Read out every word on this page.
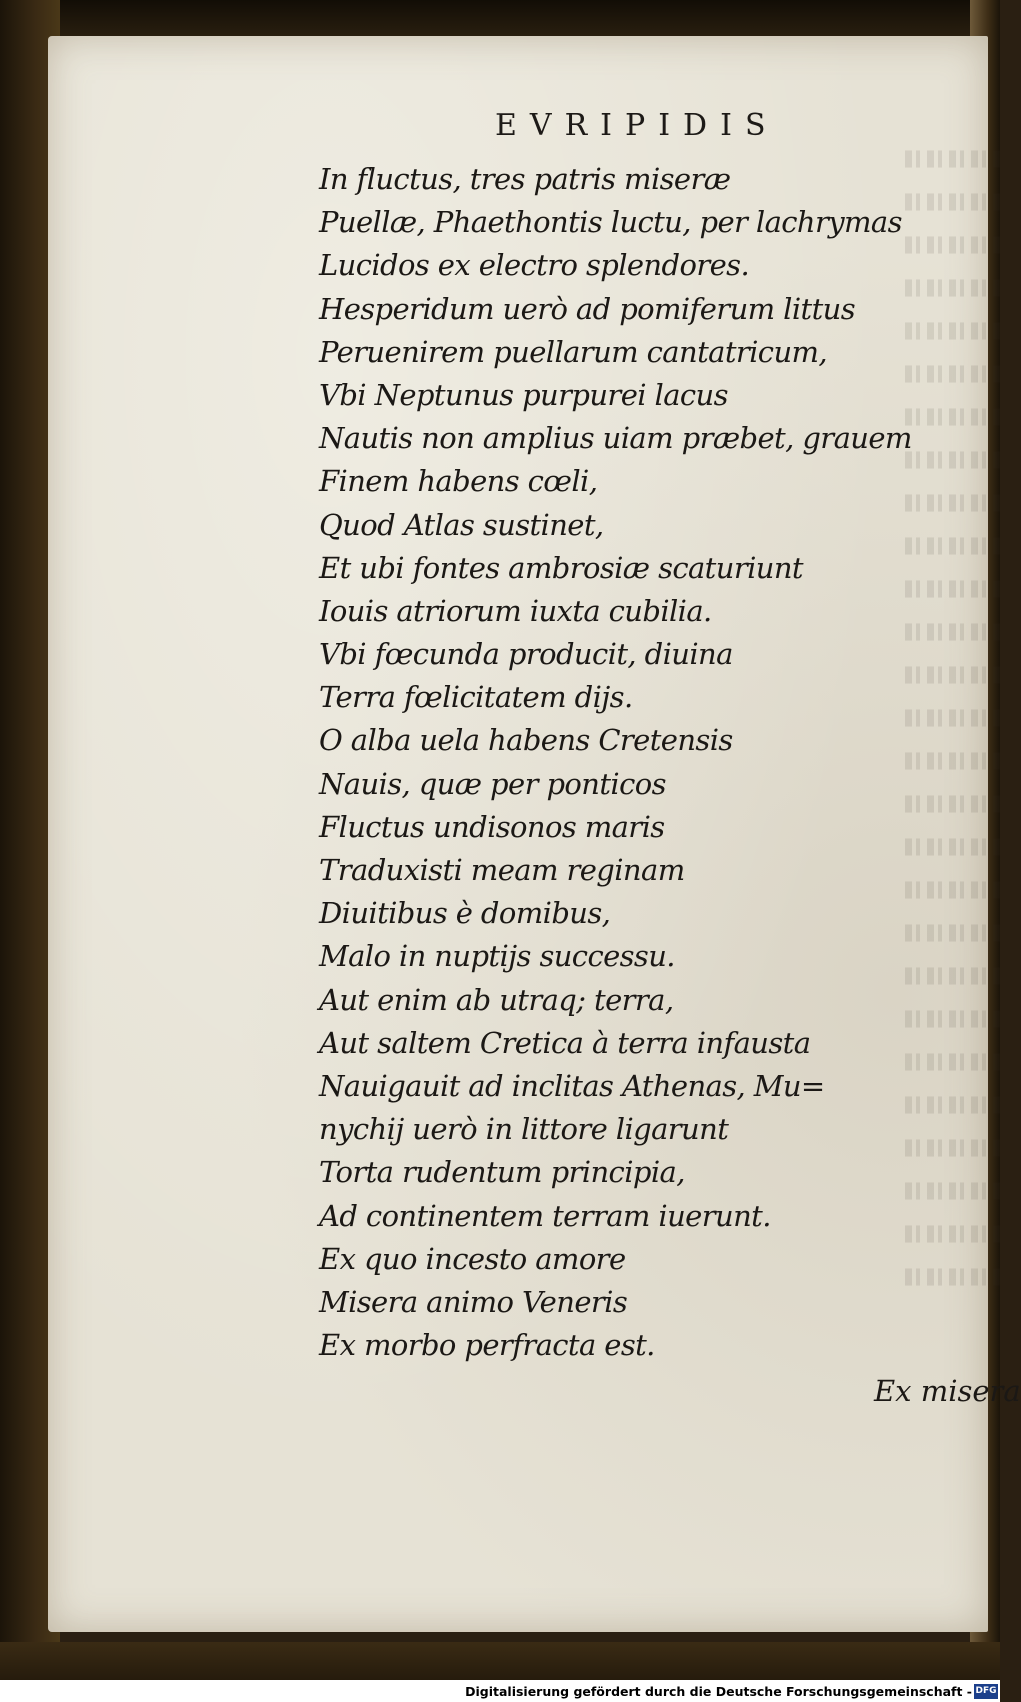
EVRIPIDIS
In fluctus, tres patris miseræ
Puellæ, Phaethontis luctu, per lachrymas
Lucidos ex electro splendores.
Hesperidum uerò ad pomiferum littus
Peruenirem puellarum cantatricum,
Vbi Neptunus purpurei lacus
Nautis non amplius uiam præbet, grauem
Finem habens cœli,
Quod Atlas sustinet,
Et ubi fontes ambrosiæ scaturiunt
Iouis atriorum iuxta cubilia.
Vbi fœcunda producit, diuina
Terra fœlicitatem dijs.
O alba uela habens Cretensis
Nauis, quæ per ponticos
Fluctus undisonos maris
Traduxisti meam reginam
Diuitibus è domibus,
Malo in nuptijs successu.
Aut enim ab utraq; terra,
Aut saltem Cretica à terra infausta
Nauigauit ad inclitas Athenas, Mu=
nychij uerò in littore ligarunt
Torta rudentum principia,
Ad continentem terram iuerunt.
Ex quo incesto amore
Misera animo Veneris
Ex morbo perfracta est.
Ex misera
Digitalisierung gefördert durch die Deutsche Forschungsgemeinschaft - DFG
